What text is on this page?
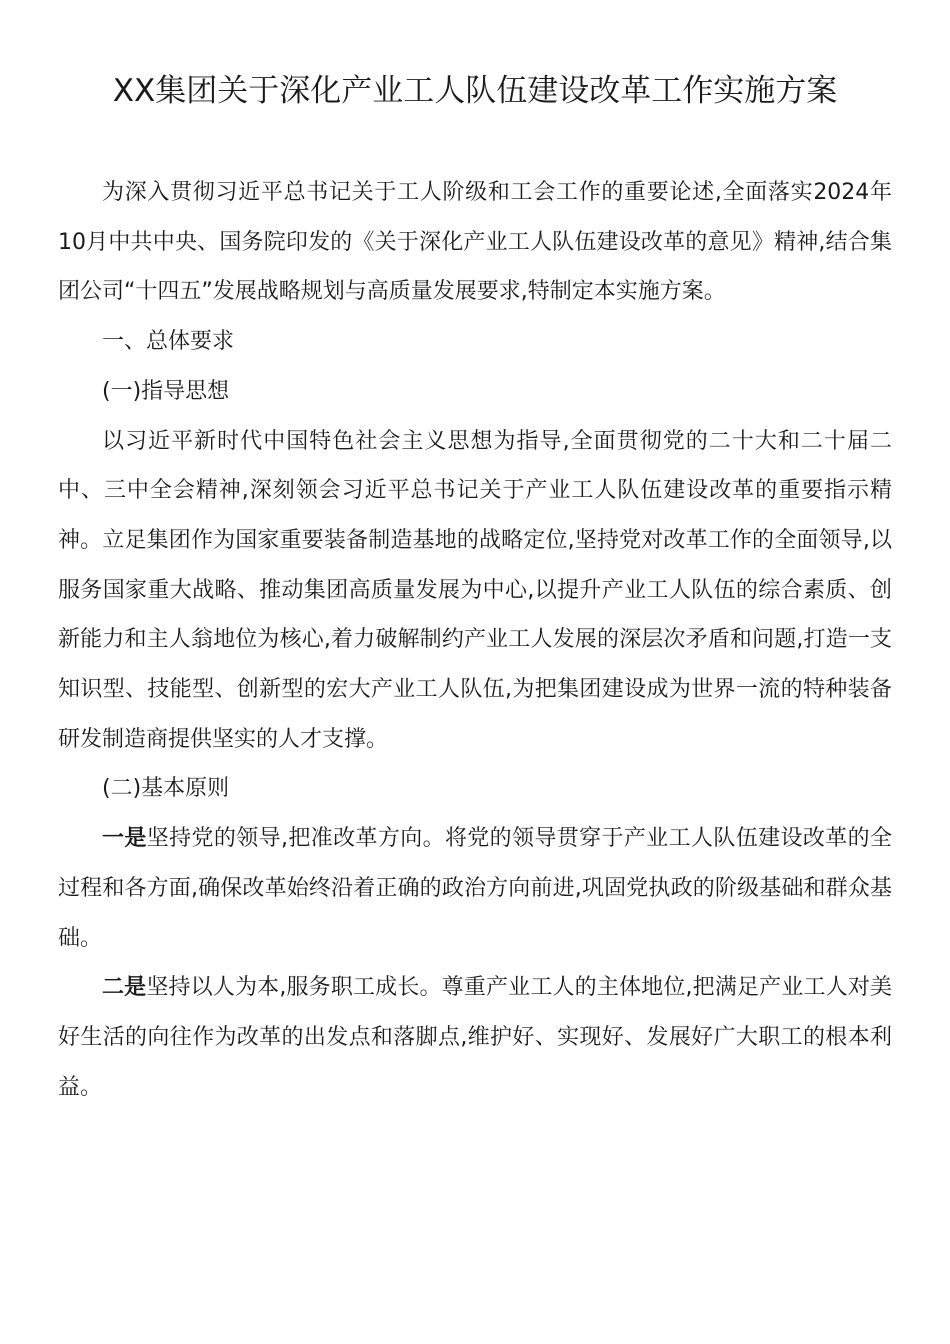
XX集团关于深化产业工人队伍建设改革工作实施方案

为深入贯彻习近平总书记关于工人阶级和工会工作的重要论述,全面落实2024年10月中共中央、国务院印发的《关于深化产业工人队伍建设改革的意见》精神,结合集团公司“十四五”发展战略规划与高质量发展要求,特制定本实施方案。

一、总体要求

(一)指导思想

以习近平新时代中国特色社会主义思想为指导,全面贯彻党的二十大和二十届二中、三中全会精神,深刻领会习近平总书记关于产业工人队伍建设改革的重要指示精神。立足集团作为国家重要装备制造基地的战略定位,坚持党对改革工作的全面领导,以服务国家重大战略、推动集团高质量发展为中心,以提升产业工人队伍的综合素质、创新能力和主人翁地位为核心,着力破解制约产业工人发展的深层次矛盾和问题,打造一支知识型、技能型、创新型的宏大产业工人队伍,为把集团建设成为世界一流的特种装备研发制造商提供坚实的人才支撑。

(二)基本原则

一是坚持党的领导,把准改革方向。将党的领导贯穿于产业工人队伍建设改革的全过程和各方面,确保改革始终沿着正确的政治方向前进,巩固党执政的阶级基础和群众基础。

二是坚持以人为本,服务职工成长。尊重产业工人的主体地位,把满足产业工人对美好生活的向往作为改革的出发点和落脚点,维护好、实现好、发展好广大职工的根本利益。
